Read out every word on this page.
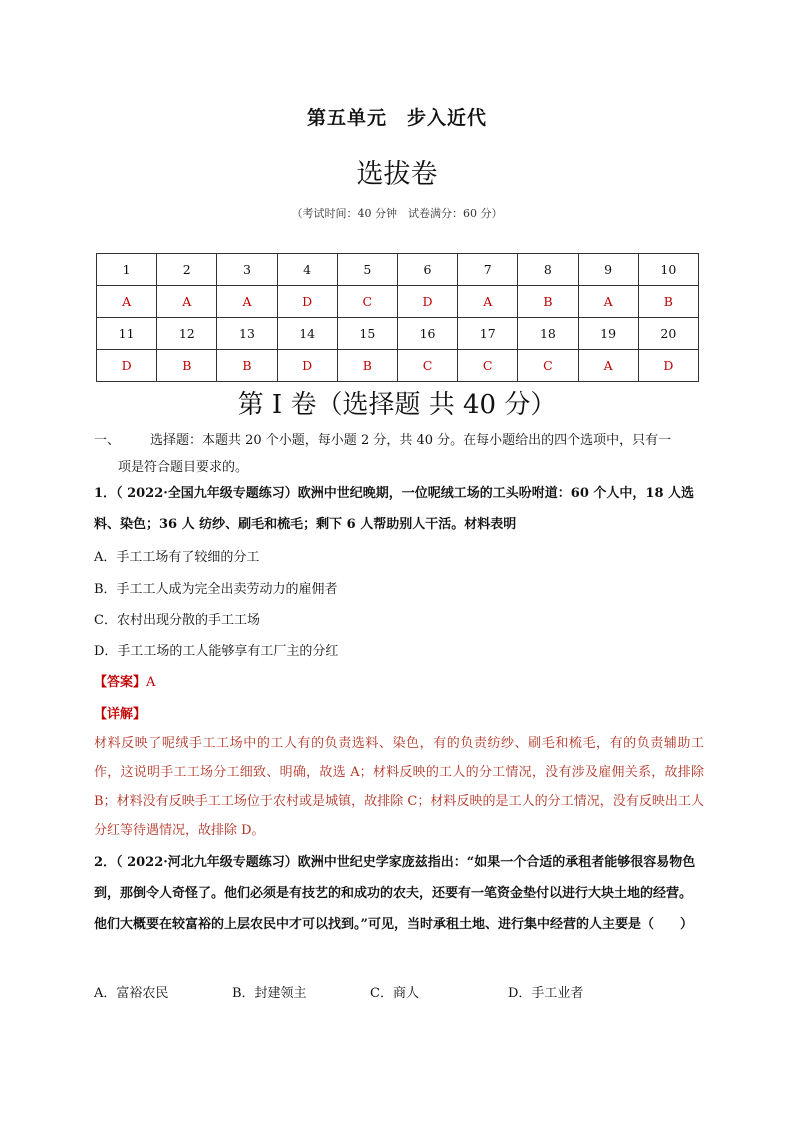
第五单元　步入近代
选拔卷
（考试时间：40 分钟　试卷满分：60 分）
1	2	3	4	5	6	7	8	9	10
A	A	A	D	C	D	A	B	A	B
11	12	13	14	15	16	17	18	19	20
D	B	B	D	B	C	C	C	A	D
第 I 卷（选择题 共 40 分）
一、 选择题：本题共 20 个小题，每小题 2 分，共 40 分。在每小题给出的四个选项中，只有一
项是符合题目要求的。
1．（ 2022·全国九年级专题练习）欧洲中世纪晚期，一位呢绒工场的工头吩咐道：60 个人中，18 人选料、染色；36 人 纺纱、刷毛和梳毛；剩下 6 人帮助别人干活。材料表明
A．手工工场有了较细的分工
B．手工工人成为完全出卖劳动力的雇佣者
C．农村出现分散的手工工场
D．手工工场的工人能够享有工厂主的分红
【答案】A
【详解】
材料反映了呢绒手工工场中的工人有的负责选料、染色，有的负责纺纱、刷毛和梳毛，有的负责辅助工作，这说明手工工场分工细致、明确，故选 A；材料反映的工人的分工情况，没有涉及雇佣关系，故排除 B；材料没有反映手工工场位于农村或是城镇，故排除 C；材料反映的是工人的分工情况，没有反映出工人分红等待遇情况，故排除 D。
2．（ 2022·河北九年级专题练习）欧洲中世纪史学家庞兹指出：“如果一个合适的承租者能够很容易物色到，那倒令人奇怪了。他们必须是有技艺的和成功的农夫，还要有一笔资金垫付以进行大块土地的经营。他们大概要在较富裕的上层农民中才可以找到。”可见，当时承租土地、进行集中经营的人主要是（　　）
A．富裕农民	B．封建领主	C．商人	D．手工业者
